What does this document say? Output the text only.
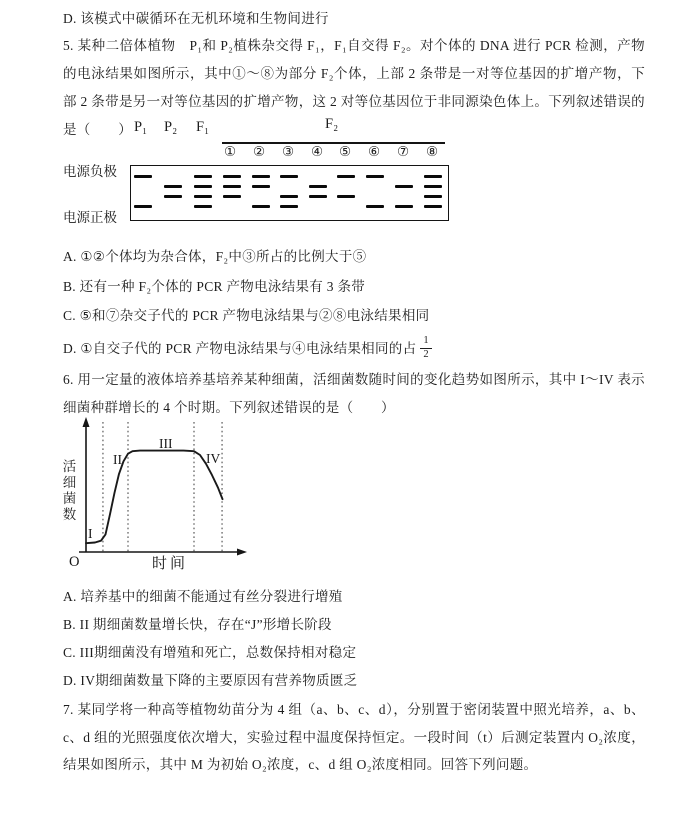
D. 该模式中碳循环在无机环境和生物间进行

5. 某种二倍体植物　P₁和 P₂植株杂交得 F₁，F₁自交得 F₂。对个体的 DNA 进行 PCR 检测，产物的电泳结果如图所示，其中①～⑧为部分 F₂个体，上部 2 条带是一对等位基因的扩增产物，下部 2 条带是另一对等位基因的扩增产物，这 2 对等位基因位于非同源染色体上。下列叙述错误的是（　　） P₁ P₂ F₁	F₂
① ② ③ ④ ⑤ ⑥ ⑦ ⑧
电源负极
电源正极

A. ①②个体均为杂合体，F₂中③所占的比例大于⑤

B. 还有一种 F₂个体的 PCR 产物电泳结果有 3 条带

C. ⑤和⑦杂交子代的 PCR 产物电泳结果与②⑧电泳结果相同

D. ①自交子代的 PCR 产物电泳结果与④电泳结果相同的占 $\frac{1}{2}$

6. 用一定量的液体培养基培养某种细菌，活细菌数随时间的变化趋势如图所示，其中 I～IV 表示细菌种群增长的 4 个时期。下列叙述错误的是（　　）

I
II
III
IV
O	时间
活细菌数

A. 培养基中的细菌不能通过有丝分裂进行增殖

B. II 期细菌数量增长快，存在“J”形增长阶段

C. III期细菌没有增殖和死亡，总数保持相对稳定

D. IV期细菌数量下降的主要原因有营养物质匮乏

7. 某同学将一种高等植物幼苗分为 4 组（a、b、c、d），分别置于密闭装置中照光培养，a、b、c、d 组的光照强度依次增大，实验过程中温度保持恒定。一段时间（t）后测定装置内 O₂浓度，结果如图所示，其中 M 为初始 O₂浓度，c、d 组 O₂浓度相同。回答下列问题。
